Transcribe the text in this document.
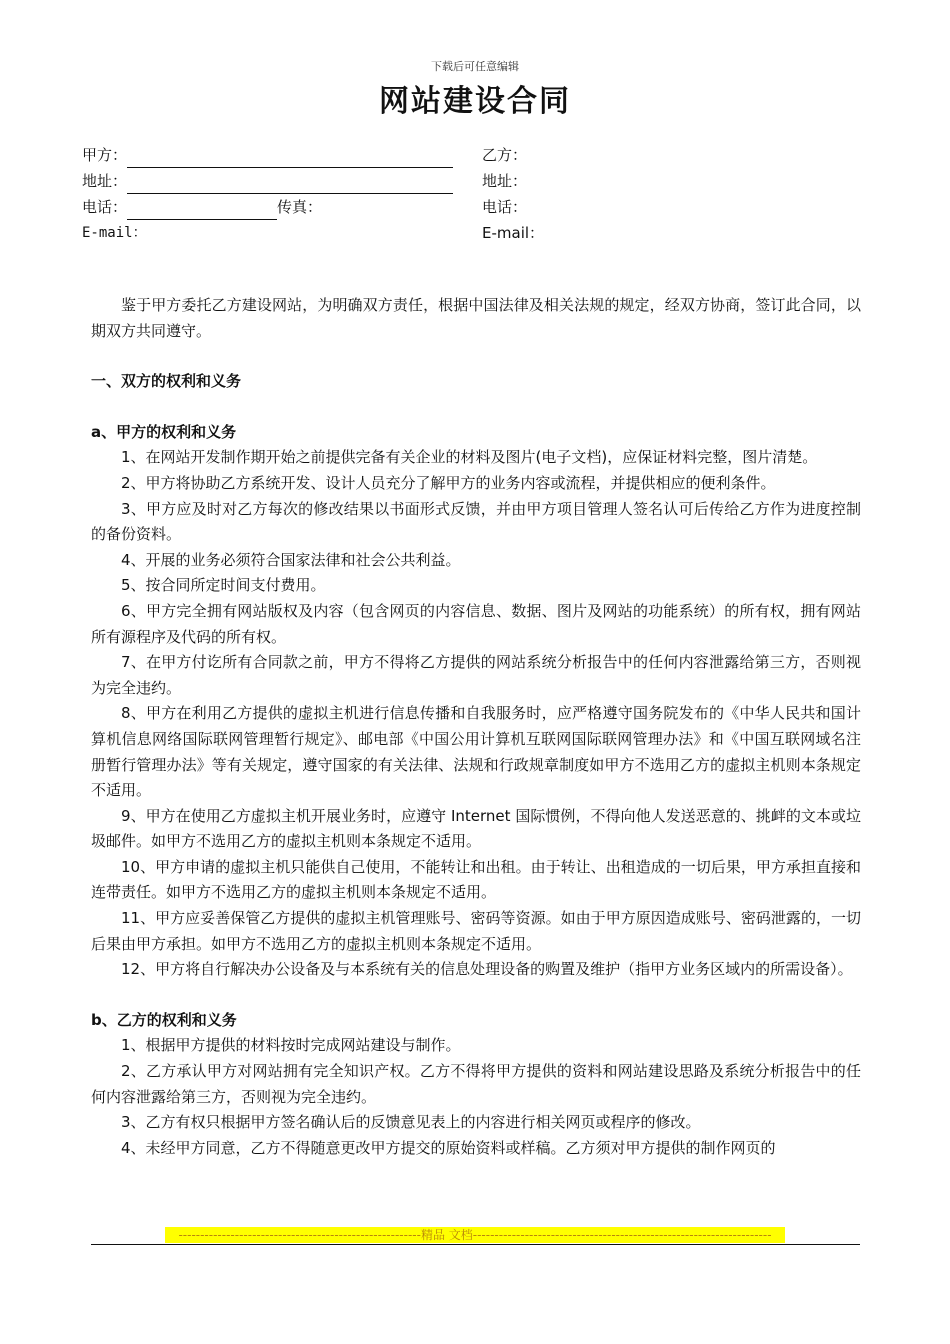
下载后可任意编辑
网站建设合同
甲方：
地址：
电话：	传真：
E-mail：
乙方：
地址：
电话：
E-mail：

鉴于甲方委托乙方建设网站，为明确双方责任，根据中国法律及相关法规的规定，经双方协商，签订此合同，以期双方共同遵守。

一、双方的权利和义务

a、甲方的权利和义务

1、在网站开发制作期开始之前提供完备有关企业的材料及图片(电子文档)，应保证材料完整，图片清楚。

2、甲方将协助乙方系统开发、设计人员充分了解甲方的业务内容或流程，并提供相应的便利条件。

3、甲方应及时对乙方每次的修改结果以书面形式反馈，并由甲方项目管理人签名认可后传给乙方作为进度控制的备份资料。

4、开展的业务必须符合国家法律和社会公共利益。

5、按合同所定时间支付费用。

6、甲方完全拥有网站版权及内容（包含网页的内容信息、数据、图片及网站的功能系统）的所有权，拥有网站所有源程序及代码的所有权。

7、在甲方付讫所有合同款之前，甲方不得将乙方提供的网站系统分析报告中的任何内容泄露给第三方，否则视为完全违约。

8、甲方在利用乙方提供的虚拟主机进行信息传播和自我服务时，应严格遵守国务院发布的《中华人民共和国计算机信息网络国际联网管理暂行规定》、邮电部《中国公用计算机互联网国际联网管理办法》和《中国互联网域名注册暂行管理办法》等有关规定，遵守国家的有关法律、法规和行政规章制度如甲方不选用乙方的虚拟主机则本条规定不适用。

9、甲方在使用乙方虚拟主机开展业务时，应遵守 Internet 国际惯例，不得向他人发送恶意的、挑衅的文本或垃圾邮件。如甲方不选用乙方的虚拟主机则本条规定不适用。

10、甲方申请的虚拟主机只能供自己使用，不能转让和出租。由于转让、出租造成的一切后果，甲方承担直接和连带责任。如甲方不选用乙方的虚拟主机则本条规定不适用。

11、甲方应妥善保管乙方提供的虚拟主机管理账号、密码等资源。如由于甲方原因造成账号、密码泄露的，一切后果由甲方承担。如甲方不选用乙方的虚拟主机则本条规定不适用。

12、甲方将自行解决办公设备及与本系统有关的信息处理设备的购置及维护（指甲方业务区域内的所需设备）。

b、乙方的权利和义务

1、根据甲方提供的材料按时完成网站建设与制作。

2、乙方承认甲方对网站拥有完全知识产权。乙方不得将甲方提供的资料和网站建设思路及系统分析报告中的任何内容泄露给第三方，否则视为完全违约。

3、乙方有权只根据甲方签名确认后的反馈意见表上的内容进行相关网页或程序的修改。

4、未经甲方同意，乙方不得随意更改甲方提交的原始资料或样稿。乙方须对甲方提供的制作网页的

--------------------------------------------------------精品 文档---------------------------------------------------------------------
